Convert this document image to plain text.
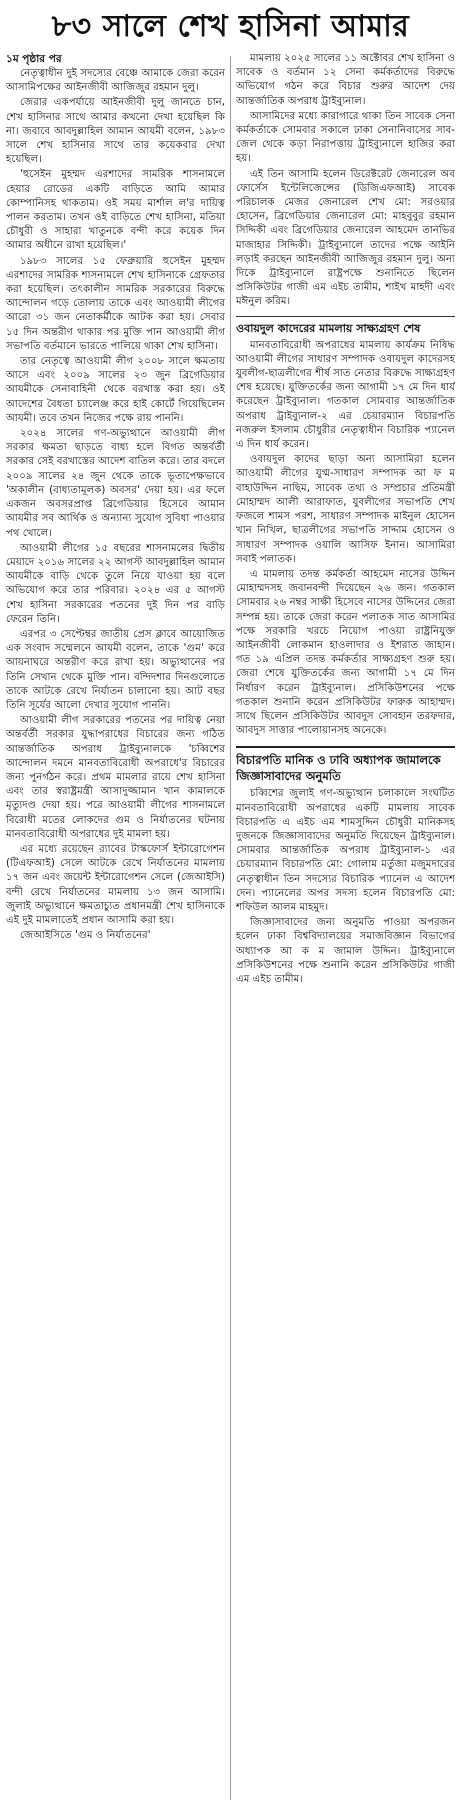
৮৩ সালে শেখ হাসিনা আমার
১ম পৃষ্ঠার পর

নেতৃত্বাধীন দুই সদস্যের বেঞ্চে আমাকে জেরা করেন আসামিপক্ষের আইনজীবী আজিজুর রহমান দুলু।

জেরার একপর্যায়ে আইনজীবী দুলু জানতে চান, শেখ হাসিনার সাথে আমার কখনো দেখা হয়েছিল কি না। জবাবে আবদুল্লাহিল আমান আযমী বলেন, ১৯৮৩ সালে শেখ হাসিনার সাথে তার কয়েকবার দেখা হয়েছিল।

'হুসেইন মুহম্মদ এরশাদের সামরিক শাসনামলে হেয়ার রোডের একটি বাড়িতে আমি আমার কোম্পানিসহ থাকতাম। ওই সময় মার্শাল ল'র দায়িত্ব পালন করতাম। তখন ওই বাড়িতে শেখ হাসিনা, মতিয়া চৌধুরী ও সাহারা খাতুনকে বন্দী করে কয়েক দিন আমার অধীনে রাখা হয়েছিল।'

১৯৮৩ সালের ১৫ ফেব্রুয়ারি হুসেইন মুহম্মদ এরশাদের সামরিক শাসনামলে শেখ হাসিনাকে গ্রেফতার করা হয়েছিল। তৎকালীন সামরিক সরকারের বিরুদ্ধে আন্দোলন গড়ে তোলায় তাকে এবং আওয়ামী লীগের আরো ৩১ জন নেতাকর্মীকে আটক করা হয়। সেবার ১৫ দিন অন্তরীণ থাকার পর মুক্তি পান আওয়ামী লীগ সভাপতি বর্তমানে ভারতে পালিয়ে থাকা শেখ হাসিনা।

তার নেতৃত্বে আওয়ামী লীগ ২০০৮ সালে ক্ষমতায় আসে এবং ২০০৯ সালের ২৩ জুন ব্রিগেডিয়ার আযমীকে সেনাবাহিনী থেকে বরখাস্ত করা হয়। ওই আদেশের বৈধতা চ্যালেঞ্জ করে হাই কোর্টে গিয়েছিলেন আযমী। তবে তখন নিজের পক্ষে রায় পাননি।

২০২৪ সালের গণ-অভ্যুত্থানে আওয়ামী লীগ সরকার ক্ষমতা ছাড়তে বাধ্য হলে বিগত অন্তর্বর্তী সরকার সেই বরখাস্তের আদেশ বাতিল করে। তার বদলে ২০০৯ সালের ২৪ জুন থেকে তাকে ভূতাপেক্ষভাবে 'অকালীন (বাধ্যতামূলক) অবসর' দেয়া হয়। এর ফলে একজন অবসরপ্রাপ্ত ব্রিগেডিয়ার হিসেবে আমান আযমীর সব আর্থিক ও অন্যান্য সুযোগ সুবিধা পাওয়ার পথ খোলে।

আওয়ামী লীগের ১৫ বছরের শাসনামলের দ্বিতীয় মেয়াদে ২০১৬ সালের ২২ আগস্ট আবদুল্লাহিল আমান আযমীকে বাড়ি থেকে তুলে নিয়ে যাওয়া হয় বলে অভিযোগ করে তার পরিবার। ২০২৪ এর ৫ আগস্ট শেখ হাসিনা সরকারের পতনের দুই দিন পর বাড়ি ফেরেন তিনি।

এরপর ৩ সেপ্টেম্বর জাতীয় প্রেস ক্লাবে আয়োজিত এক সংবাদ সম্মেলনে আযমী বলেন, তাকে 'গুম' করে আয়নাঘরে অন্তরীণ করে রাখা হয়। অভ্যুত্থানের পর তিনি সেখান থেকে মুক্তি পান। বন্দিদশার দিনগুলোতে তাকে আটকে রেখে নির্যাতন চালানো হয়। আট বছর তিনি সূর্যের আলো দেখার সুযোগ পাননি।

আওয়ামী লীগ সরকারের পতনের পর দায়িত্ব নেয়া অন্তর্বর্তী সরকার যুদ্ধাপরাধের বিচারের জন্য গঠিত আন্তর্জাতিক অপরাধ ট্রাইব্যুনালকে 'চব্বিশের আন্দোলন দমনে মানবতাবিরোধী অপরাধে'র বিচারের জন্য পুনর্গঠন করে। প্রথম মামলার রায়ে শেখ হাসিনা এবং তার স্বরাষ্ট্রমন্ত্রী আসাদুজ্জামান খান কামালকে মৃত্যুদণ্ড দেয়া হয়। পরে আওয়ামী লীগের শাসনামলে বিরোধী মতের লোকদের গুম ও নির্যাতনের ঘটনায় মানবতাবিরোধী অপরাধের দুই মামলা হয়।

এর মধ্যে রয়েছেন র‌্যাবের টাস্কফোর্স ইন্টারোগেশন (টিএফআই) সেলে আটকে রেখে নির্যাতনের মামলায় ১৭ জন এবং জয়েন্ট ইন্টারোগেশন সেলে (জেআইসি) বন্দী রেখে নির্যাতনের মামলায় ১৩ জন আসামি। জুলাই অভ্যুত্থানে ক্ষমতাচ্যুত প্রধানমন্ত্রী শেখ হাসিনাকে এই দুই মামলাতেই প্রধান আসামি করা হয়।

জেআইসিতে 'গুম ও নির্যাতনের'

মামলায় ২০২৫ সালের ১১ অক্টোবর শেখ হাসিনা ও সাবেক ও বর্তমান ১২ সেনা কর্মকর্তাদের বিরুদ্ধে অভিযোগ গঠন করে বিচার শুরুর আদেশ দেয় আন্তর্জাতিক অপরাধ ট্রাইব্যুনাল।

আসামিদের মধ্যে কারাগারে থাকা তিন সাবেক সেনা কর্মকর্তাকে সোমবার সকালে ঢাকা সেনানিবাসের সাব-জেল থেকে কড়া নিরাপত্তায় ট্রাইব্যুনালে হাজির করা হয়।

এই তিন আসামি হলেন ডিরেক্টরেট জেনারেল অব ফোর্সেস ইন্টেলিজেন্সের (ডিজিএফআই) সাবেক পরিচালক মেজর জেনারেল শেখ মো: সরওয়ার হোসেন, ব্রিগেডিয়ার জেনারেল মো: মাহবুবুর রহমান সিদ্দিকী এবং ব্রিগেডিয়ার জেনারেল আহমেদ তানভির মাজাহার সিদ্দিকী। ট্রাইব্যুনালে তাদের পক্ষে আইনি লড়াই করছেন আইনজীবী আজিজুর রহমান দুলু। অন্য দিকে ট্রাইব্যুনালে রাষ্ট্রপক্ষে শুনানিতে ছিলেন প্রসিকিউটর গাজী এম এইচ তামীম, শাইখ মাহদী এবং মঈনুল করিম।

ওবায়দুল কাদেরের মামলায় সাক্ষ্যগ্রহণ শেষ

মানবতাবিরোধী অপরাধের মামলায় কার্যক্রম নিষিদ্ধ আওয়ামী লীগের সাধারণ সম্পাদক ওবায়দুল কাদেরসহ যুবলীগ-ছাত্রলীগের শীর্ষ সাত নেতার বিরুদ্ধে সাক্ষ্যগ্রহণ শেষ হয়েছে। যুক্তিতর্কের জন্য আগামী ১৭ মে দিন ধার্য করেছেন ট্রাইব্যুনাল। গতকাল সোমবার আন্তর্জাতিক অপরাধ ট্রাইব্যুনাল-২ এর চেয়ারম্যান বিচারপতি নজরুল ইসলাম চৌধুরীর নেতৃত্বাধীন বিচারিক প্যানেল এ দিন ধার্য করেন।

ওবায়দুল কাদের ছাড়া অন্য আসামিরা হলেন আওয়ামী লীগের যুগ্ম-সাধারণ সম্পাদক আ ফ ম বাহাউদ্দিন নাছিম, সাবেক তথ্য ও সম্প্রচার প্রতিমন্ত্রী মোহাম্মদ আলী আরাফাত, যুবলীগের সভাপতি শেখ ফজলে শামস পরশ, সাধারণ সম্পাদক মাইনুল হোসেন খান নিখিল, ছাত্রলীগের সভাপতি সাদ্দাম হোসেন ও সাধারণ সম্পাদক ওয়ালি আসিফ ইনান। আসামিরা সবাই পলাতক।

এ মামলায় তদন্ত কর্মকর্তা আহমেদ নাসের উদ্দিন মোহাম্মদসহ জবানবন্দী দিয়েছেন ২৬ জন। গতকাল সোমবার ২৬ নম্বর সাক্ষী হিসেবে নাসের উদ্দিনের জেরা সম্পন্ন হয়। তাকে জেরা করেন পলাতক সাত আসামির পক্ষে সরকারি খরচে নিয়োগ পাওয়া রাষ্ট্রনিযুক্ত আইনজীবী লোকমান হাওলাদার ও ইশরাত জাহান। গত ১৯ এপ্রিল তদন্ত কর্মকর্তার সাক্ষ্যগ্রহণ শুরু হয়। জেরা শেষে যুক্তিতর্কের জন্য আগামী ১৭ মে দিন নির্ধারণ করেন ট্রাইব্যুনাল। প্রসিকিউশনের পক্ষে গতকাল শুনানি করেন প্রসিকিউটর ফারুক আহাম্মদ। সাথে ছিলেন প্রসিকিউটর আবদুস সোবহান তরফদার, আবদুস সাত্তার পালোয়ানসহ অনেকে।

বিচারপতি মানিক ও ঢাবি অধ্যাপক জামালকে জিজ্ঞাসাবাদের অনুমতি

চব্বিশের জুলাই গণ-অভ্যুত্থান চলাকালে সংঘটিত মানবতাবিরোধী অপরাধের একটি মামলায় সাবেক বিচারপতি এ এইচ এম শামসুদ্দিন চৌধুরী মানিকসহ দুজনকে জিজ্ঞাসাবাদের অনুমতি দিয়েছেন ট্রাইব্যুনাল। সোমবার আন্তর্জাতিক অপরাধ ট্রাইব্যুনাল-১ এর চেয়ারম্যান বিচারপতি মো: গোলাম মর্তুজা মজুমদারের নেতৃত্বাধীন তিন সদস্যের বিচারিক প্যানেল এ আদেশ দেন। প্যানেলের অপর সদস্য হলেন বিচারপতি মো: শফিউল আলম মাহমুদ।

জিজ্ঞাসাবাদের জন্য অনুমতি পাওয়া অপরজন হলেন ঢাকা বিশ্ববিদ্যালয়ের সমাজবিজ্ঞান বিভাগের অধ্যাপক আ ক ম জামাল উদ্দিন। ট্রাইব্যুনালে প্রসিকিউশনের পক্ষে শুনানি করেন প্রসিকিউটর গাজী এম এইচ তামীম।
